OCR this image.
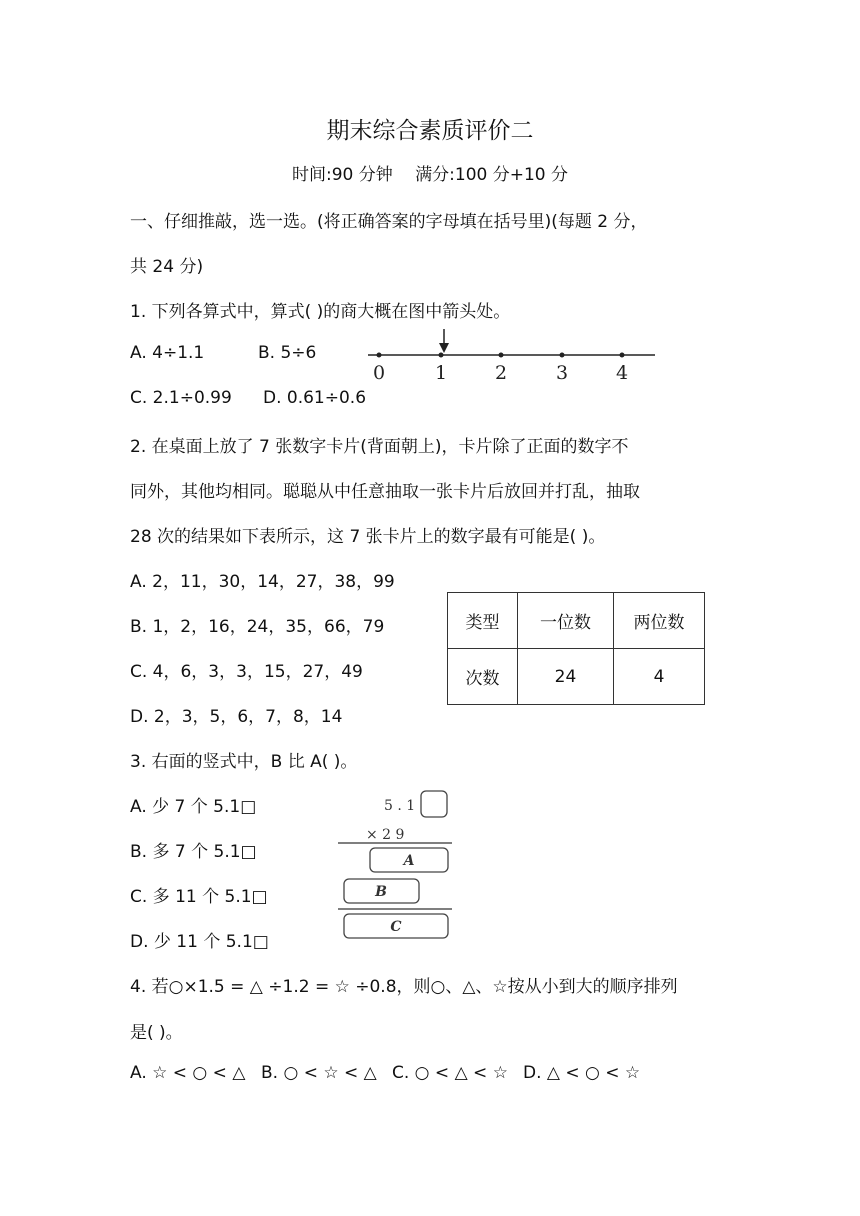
期末综合素质评价二
时间:90 分钟　 满分:100 分+10 分
一、仔细推敲，选一选。(将正确答案的字母填在括号里)(每题 2 分，
共 24 分)
1. 下列各算式中，算式( )的商大概在图中箭头处。
A. 4÷1.1	B. 5÷6
C. 2.1÷0.99 D. 0.61÷0.6
0	1	2	3	4
2. 在桌面上放了 7 张数字卡片(背面朝上)，卡片除了正面的数字不
同外，其他均相同。聪聪从中任意抽取一张卡片后放回并打乱，抽取
28 次的结果如下表所示，这 7 张卡片上的数字最有可能是( )。
A. 2，11，30，14，27，38，99
B. 1，2，16，24，35，66，79
C. 4，6，3，3，15，27，49
D. 2，3，5，6，7，8，14
类型	一位数	两位数
次数	24	4
3. 右面的竖式中，B 比 A( )。
A. 少 7 个 5.1□
B. 多 7 个 5.1□
C. 多 11 个 5.1□
D. 少 11 个 5.1□
5 . 1
× 2 9
A
B
C
4. 若○×1.5 = △ ÷1.2 = ☆ ÷0.8，则○、△、☆按从小到大的顺序排列
是( )。
A. ☆ < ○ < △ B. ○ < ☆ < △ C. ○ < △ < ☆ D. △ < ○ < ☆
